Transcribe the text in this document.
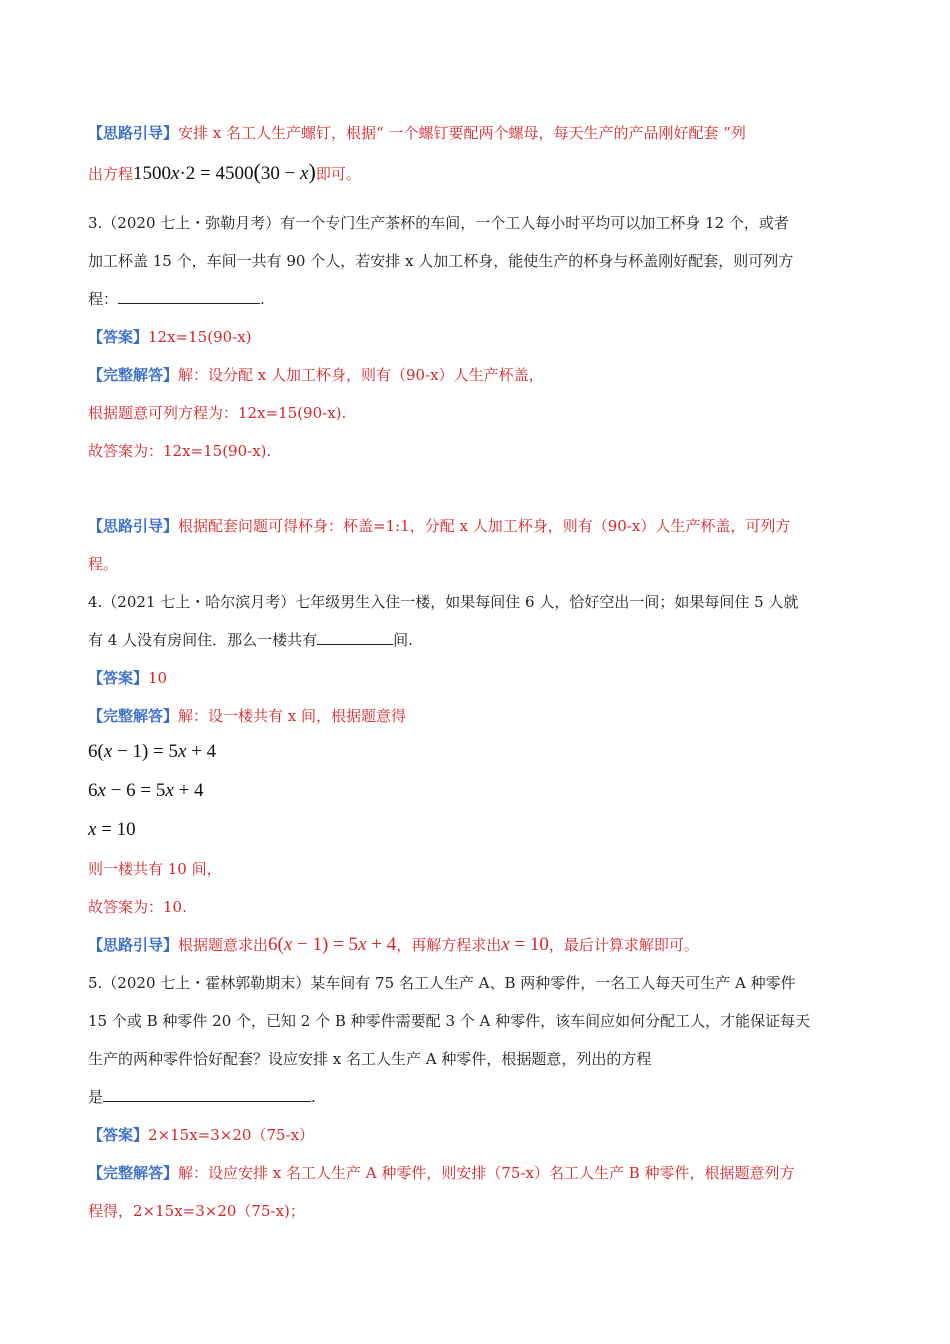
【思路引导】安排 x 名工人生产螺钉，根据“ 一个螺钉要配两个螺母，每天生产的产品刚好配套 ”列
出方程1500x·2 = 4500(30 − x)即可。
3.（2020 七上・弥勒月考）有一个专门生产茶杯的车间，一个工人每小时平均可以加工杯身 12 个，或者
加工杯盖 15 个，车间一共有 90 个人，若安排 x 人加工杯身，能使生产的杯身与杯盖刚好配套，则可列方
程：	.
【答案】12x=15(90-x)
【完整解答】解：设分配 x 人加工杯身，则有（90-x）人生产杯盖，
根据题意可列方程为：12x=15(90-x).
故答案为：12x=15(90-x).
【思路引导】根据配套问题可得杯身：杯盖=1:1，分配 x 人加工杯身，则有（90-x）人生产杯盖，可列方
程。
4.（2021 七上・哈尔滨月考）七年级男生入住一楼，如果每间住 6 人，恰好空出一间；如果每间住 5 人就
有 4 人没有房间住．那么一楼共有	间.
【答案】10
【完整解答】解：设一楼共有 x 间，根据题意得
6(x − 1) = 5x + 4
6x − 6 = 5x + 4
x = 10
则一楼共有 10 间，
故答案为：10.
【思路引导】根据题意求出6(x − 1) = 5x + 4，再解方程求出x = 10，最后计算求解即可。
5.（2020 七上・霍林郭勒期末）某车间有 75 名工人生产 A、B 两种零件，一名工人每天可生产 A 种零件
15 个或 B 种零件 20 个，已知 2 个 B 种零件需要配 3 个 A 种零件，该车间应如何分配工人，才能保证每天
生产的两种零件恰好配套？设应安排 x 名工人生产 A 种零件，根据题意，列出的方程
是	.
【答案】2×15x=3×20（75-x）
【完整解答】解：设应安排 x 名工人生产 A 种零件，则安排（75-x）名工人生产 B 种零件，根据题意列方
程得，2×15x=3×20（75-x)；
